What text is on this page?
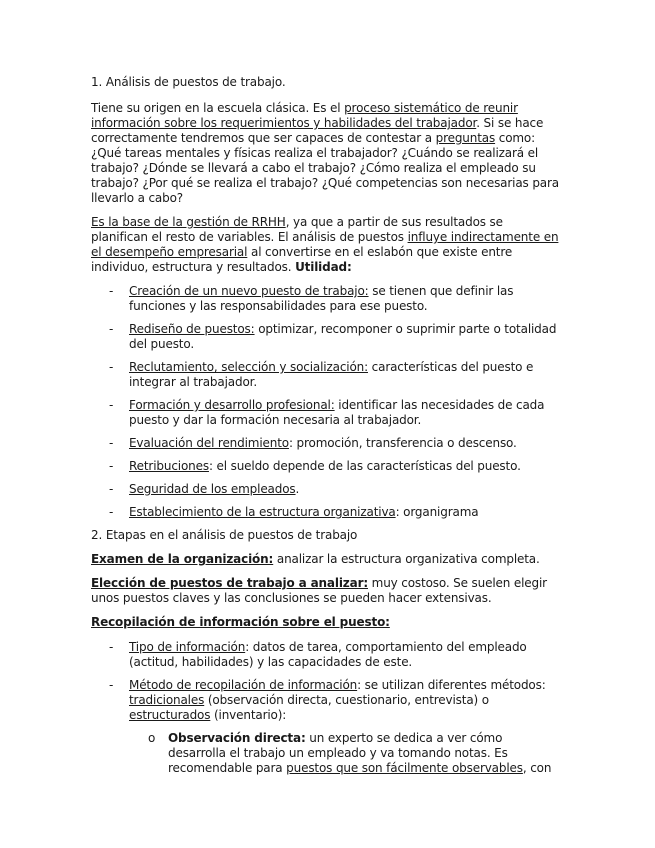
1. Análisis de puestos de trabajo.

Tiene su origen en la escuela clásica. Es el proceso sistemático de reunir información sobre los requerimientos y habilidades del trabajador. Si se hace correctamente tendremos que ser capaces de contestar a preguntas como: ¿Qué tareas mentales y físicas realiza el trabajador? ¿Cuándo se realizará el trabajo? ¿Dónde se llevará a cabo el trabajo? ¿Cómo realiza el empleado su trabajo? ¿Por qué se realiza el trabajo? ¿Qué competencias son necesarias para llevarlo a cabo?

Es la base de la gestión de RRHH, ya que a partir de sus resultados se planifican el resto de variables. El análisis de puestos influye indirectamente en el desempeño empresarial al convertirse en el eslabón que existe entre individuo, estructura y resultados. Utilidad:

- Creación de un nuevo puesto de trabajo: se tienen que definir las funciones y las responsabilidades para ese puesto.
- Rediseño de puestos: optimizar, recomponer o suprimir parte o totalidad del puesto.
- Reclutamiento, selección y socialización: características del puesto e integrar al trabajador.
- Formación y desarrollo profesional: identificar las necesidades de cada puesto y dar la formación necesaria al trabajador.
- Evaluación del rendimiento: promoción, transferencia o descenso.
- Retribuciones: el sueldo depende de las características del puesto.
- Seguridad de los empleados.
- Establecimiento de la estructura organizativa: organigrama

2. Etapas en el análisis de puestos de trabajo

Examen de la organización: analizar la estructura organizativa completa.

Elección de puestos de trabajo a analizar: muy costoso. Se suelen elegir unos puestos claves y las conclusiones se pueden hacer extensivas.

Recopilación de información sobre el puesto:

- Tipo de información: datos de tarea, comportamiento del empleado (actitud, habilidades) y las capacidades de este.
- Método de recopilación de información: se utilizan diferentes métodos: tradicionales (observación directa, cuestionario, entrevista) o estructurados (inventario):
o Observación directa: un experto se dedica a ver cómo desarrolla el trabajo un empleado y va tomando notas. Es recomendable para puestos que son fácilmente observables, con
